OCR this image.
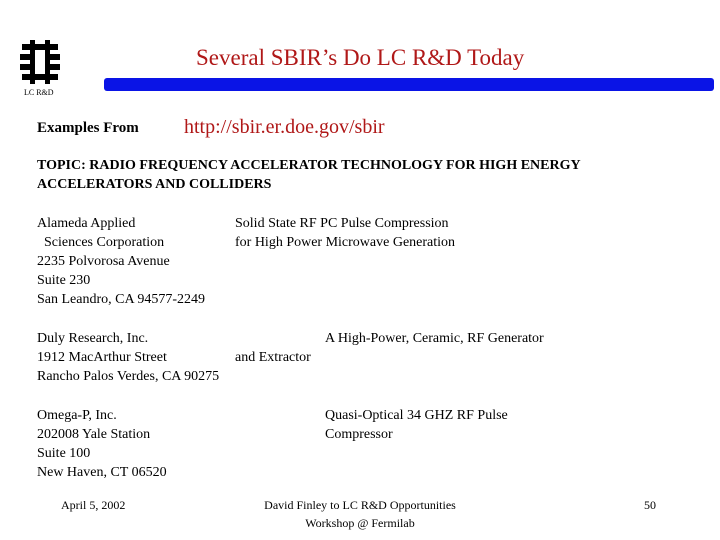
LC R&D
Several SBIR’s Do LC R&D Today
Examples From http://sbir.er.doe.gov/sbir
TOPIC: RADIO FREQUENCY ACCELERATOR TECHNOLOGY FOR HIGH ENERGY
ACCELERATORS AND COLLIDERS
Alameda Applied
Sciences Corporation
2235 Polvorosa Avenue
Suite 230
San Leandro, CA 94577-2249
Solid State RF PC Pulse Compression
for High Power Microwave Generation
Duly Research, Inc.
1912 MacArthur Street
Rancho Palos Verdes, CA 90275
A High-Power, Ceramic, RF Generator
and Extractor
Omega-P, Inc.
202008 Yale Station
Suite 100
New Haven, CT 06520
Quasi-Optical 34 GHZ RF Pulse
Compressor
April 5, 2002	David Finley to LC R&D Opportunities
Workshop @ Fermilab
50
